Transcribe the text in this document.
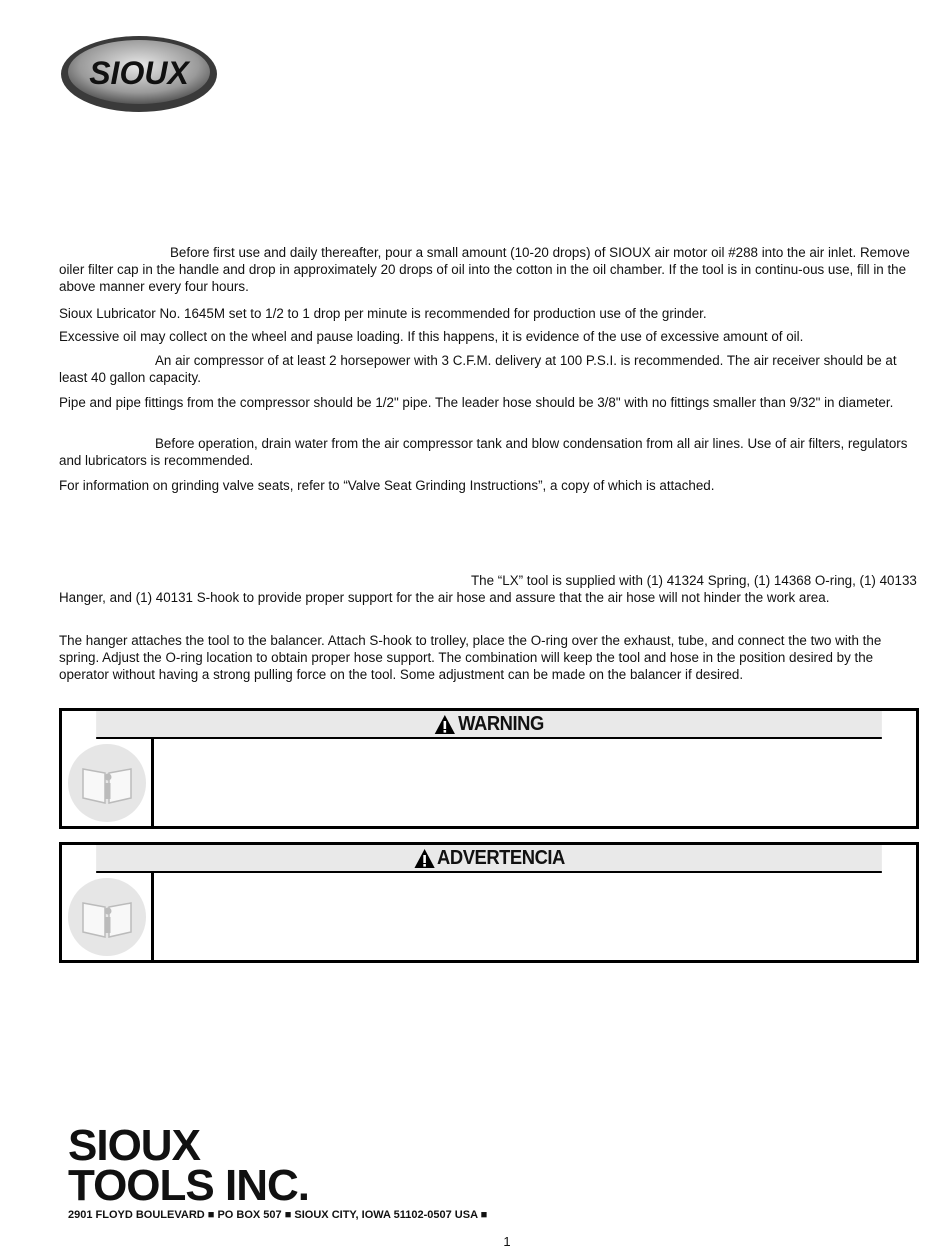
SIOUX

Before first use and daily thereafter, pour a small amount (10-20 drops) of SIOUX air motor oil #288 into the air inlet. Remove oiler filter cap in the handle and drop in approximately 20 drops of oil into the cotton in the oil chamber. If the tool is in continu-ous use, fill in the above manner every four hours.

Sioux Lubricator No. 1645M set to 1/2 to 1 drop per minute is recommended for production use of the grinder.

Excessive oil may collect on the wheel and pause loading. If this happens, it is evidence of the use of excessive amount of oil.

An air compressor of at least 2 horsepower with 3 C.F.M. delivery at 100 P.S.I. is recommended. The air receiver should be at least 40 gallon capacity.

Pipe and pipe fittings from the compressor should be 1/2" pipe. The leader hose should be 3/8" with no fittings smaller than 9/32" in diameter.

Before operation, drain water from the air compressor tank and blow condensation from all air lines. Use of air filters, regulators and lubricators is recommended.

For information on grinding valve seats, refer to “Valve Seat Grinding Instructions”, a copy of which is attached.

The “LX” tool is supplied with (1) 41324 Spring, (1) 14368 O-ring, (1) 40133 Hanger, and (1) 40131 S-hook to provide proper support for the air hose and assure that the air hose will not hinder the work area.

The hanger attaches the tool to the balancer. Attach S-hook to trolley, place the O-ring over the exhaust, tube, and connect the two with the spring. Adjust the O-ring location to obtain proper hose support. The combination will keep the tool and hose in the position desired by the operator without having a strong pulling force on the tool. Some adjustment can be made on the balancer if desired.

WARNING
ADVERTENCIA
SIOUX
TOOLS INC.
2901 FLOYD BOULEVARD ■ PO BOX 507 ■ SIOUX CITY, IOWA 51102-0507 USA ■
1
